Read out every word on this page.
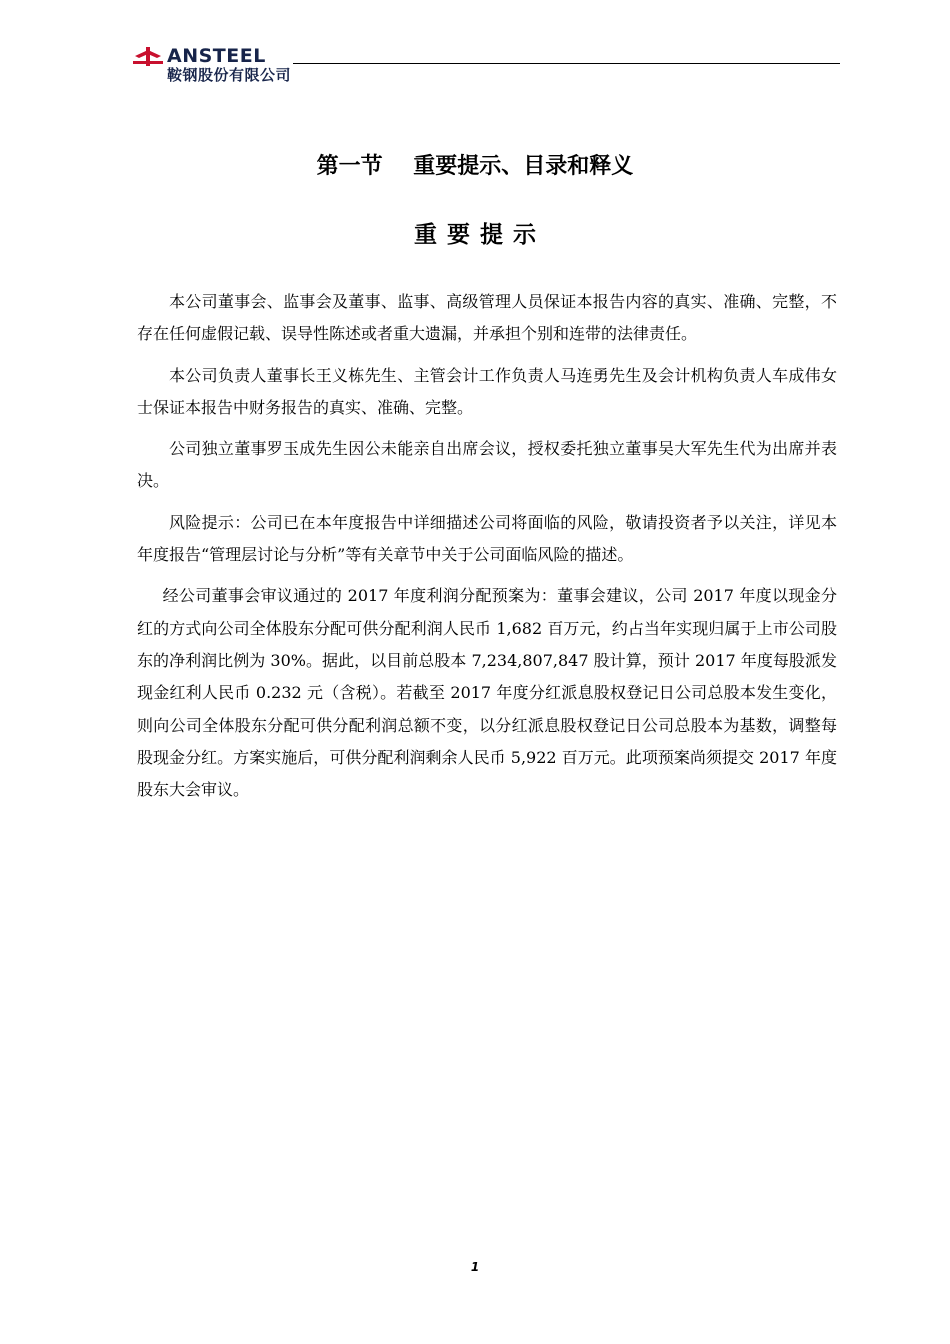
ANSTEEL
鞍钢股份有限公司
第一节    重要提示、目录和释义
重要提示

本公司董事会、监事会及董事、监事、高级管理人员保证本报告内容的真实、准确、完整，不存在任何虚假记载、误导性陈述或者重大遗漏，并承担个别和连带的法律责任。

本公司负责人董事长王义栋先生、主管会计工作负责人马连勇先生及会计机构负责人车成伟女士保证本报告中财务报告的真实、准确、完整。

公司独立董事罗玉成先生因公未能亲自出席会议，授权委托独立董事吴大军先生代为出席并表决。

风险提示：公司已在本年度报告中详细描述公司将面临的风险，敬请投资者予以关注，详见本年度报告“管理层讨论与分析”等有关章节中关于公司面临风险的描述。

经公司董事会审议通过的 2017 年度利润分配预案为：董事会建议，公司 2017 年度以现金分红的方式向公司全体股东分配可供分配利润人民币 1,682 百万元，约占当年实现归属于上市公司股东的净利润比例为 30%。据此，以目前总股本 7,234,807,847 股计算，预计 2017 年度每股派发现金红利人民币 0.232 元（含税）。若截至 2017 年度分红派息股权登记日公司总股本发生变化，则向公司全体股东分配可供分配利润总额不变，以分红派息股权登记日公司总股本为基数，调整每股现金分红。方案实施后，可供分配利润剩余人民币 5,922 百万元。此项预案尚须提交 2017 年度股东大会审议。

1
